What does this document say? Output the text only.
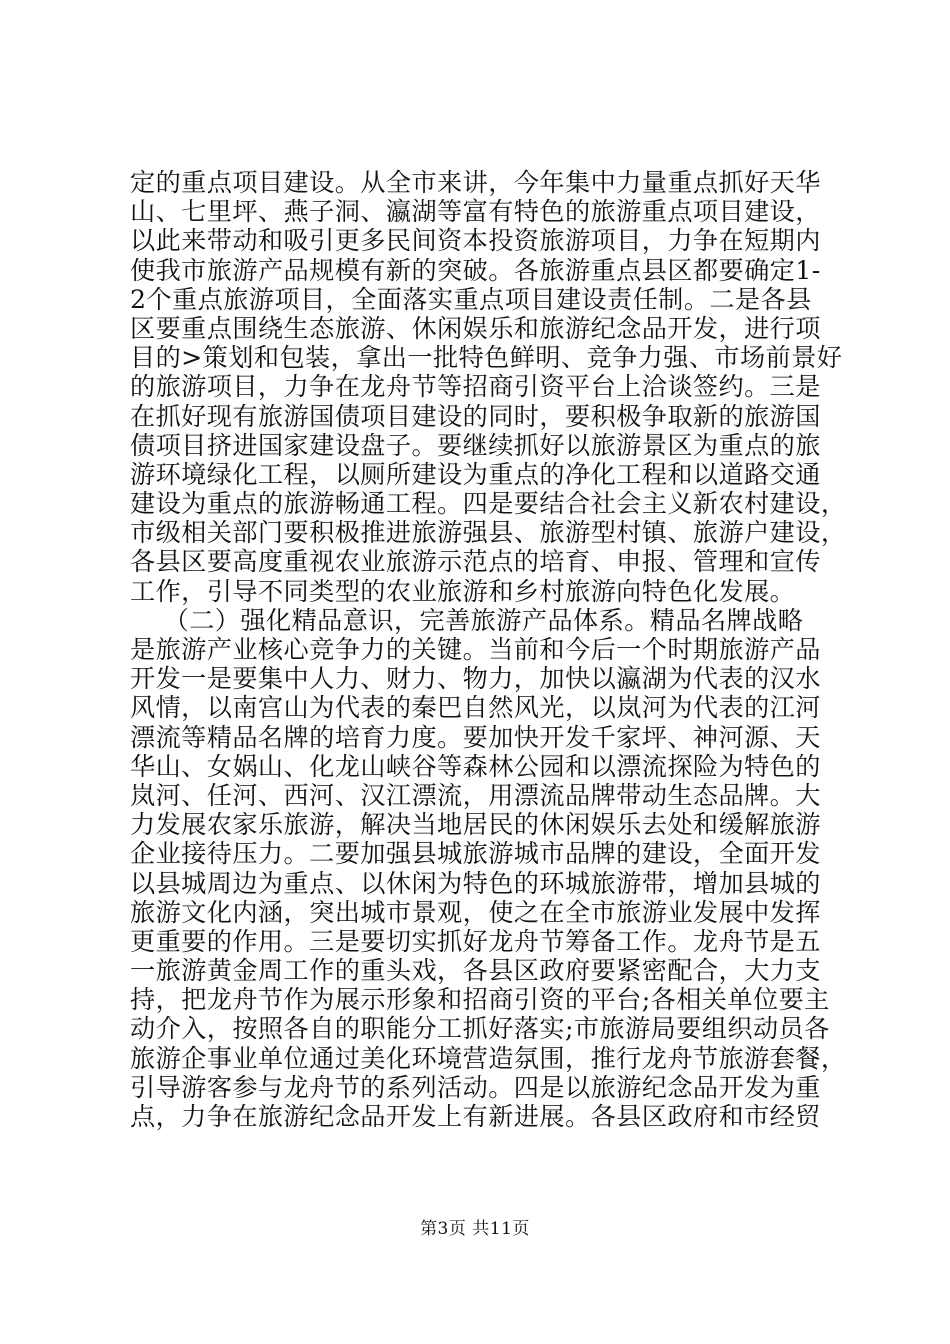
定的重点项目建设。从全市来讲，今年集中力量重点抓好天华
山、七里坪、燕子洞、瀛湖等富有特色的旅游重点项目建设，
以此来带动和吸引更多民间资本投资旅游项目，力争在短期内
使我市旅游产品规模有新的突破。各旅游重点县区都要确定1-
2个重点旅游项目，全面落实重点项目建设责任制。二是各县
区要重点围绕生态旅游、休闲娱乐和旅游纪念品开发，进行项
目的>策划和包装，拿出一批特色鲜明、竞争力强、市场前景好
的旅游项目，力争在龙舟节等招商引资平台上洽谈签约。三是
在抓好现有旅游国债项目建设的同时，要积极争取新的旅游国
债项目挤进国家建设盘子。要继续抓好以旅游景区为重点的旅
游环境绿化工程，以厕所建设为重点的净化工程和以道路交通
建设为重点的旅游畅通工程。四是要结合社会主义新农村建设，
市级相关部门要积极推进旅游强县、旅游型村镇、旅游户建设，
各县区要高度重视农业旅游示范点的培育、申报、管理和宣传
工作，引导不同类型的农业旅游和乡村旅游向特色化发展。
（二）强化精品意识，完善旅游产品体系。精品名牌战略
是旅游产业核心竞争力的关键。当前和今后一个时期旅游产品
开发一是要集中人力、财力、物力，加快以瀛湖为代表的汉水
风情，以南宫山为代表的秦巴自然风光，以岚河为代表的江河
漂流等精品名牌的培育力度。要加快开发千家坪、神河源、天
华山、女娲山、化龙山峡谷等森林公园和以漂流探险为特色的
岚河、任河、西河、汉江漂流，用漂流品牌带动生态品牌。大
力发展农家乐旅游，解决当地居民的休闲娱乐去处和缓解旅游
企业接待压力。二要加强县城旅游城市品牌的建设，全面开发
以县城周边为重点、以休闲为特色的环城旅游带，增加县城的
旅游文化内涵，突出城市景观，使之在全市旅游业发展中发挥
更重要的作用。三是要切实抓好龙舟节筹备工作。龙舟节是五
一旅游黄金周工作的重头戏，各县区政府要紧密配合，大力支
持，把龙舟节作为展示形象和招商引资的平台;各相关单位要主
动介入，按照各自的职能分工抓好落实;市旅游局要组织动员各
旅游企事业单位通过美化环境营造氛围，推行龙舟节旅游套餐，
引导游客参与龙舟节的系列活动。四是以旅游纪念品开发为重
点，力争在旅游纪念品开发上有新进展。各县区政府和市经贸
第3页 共11页
